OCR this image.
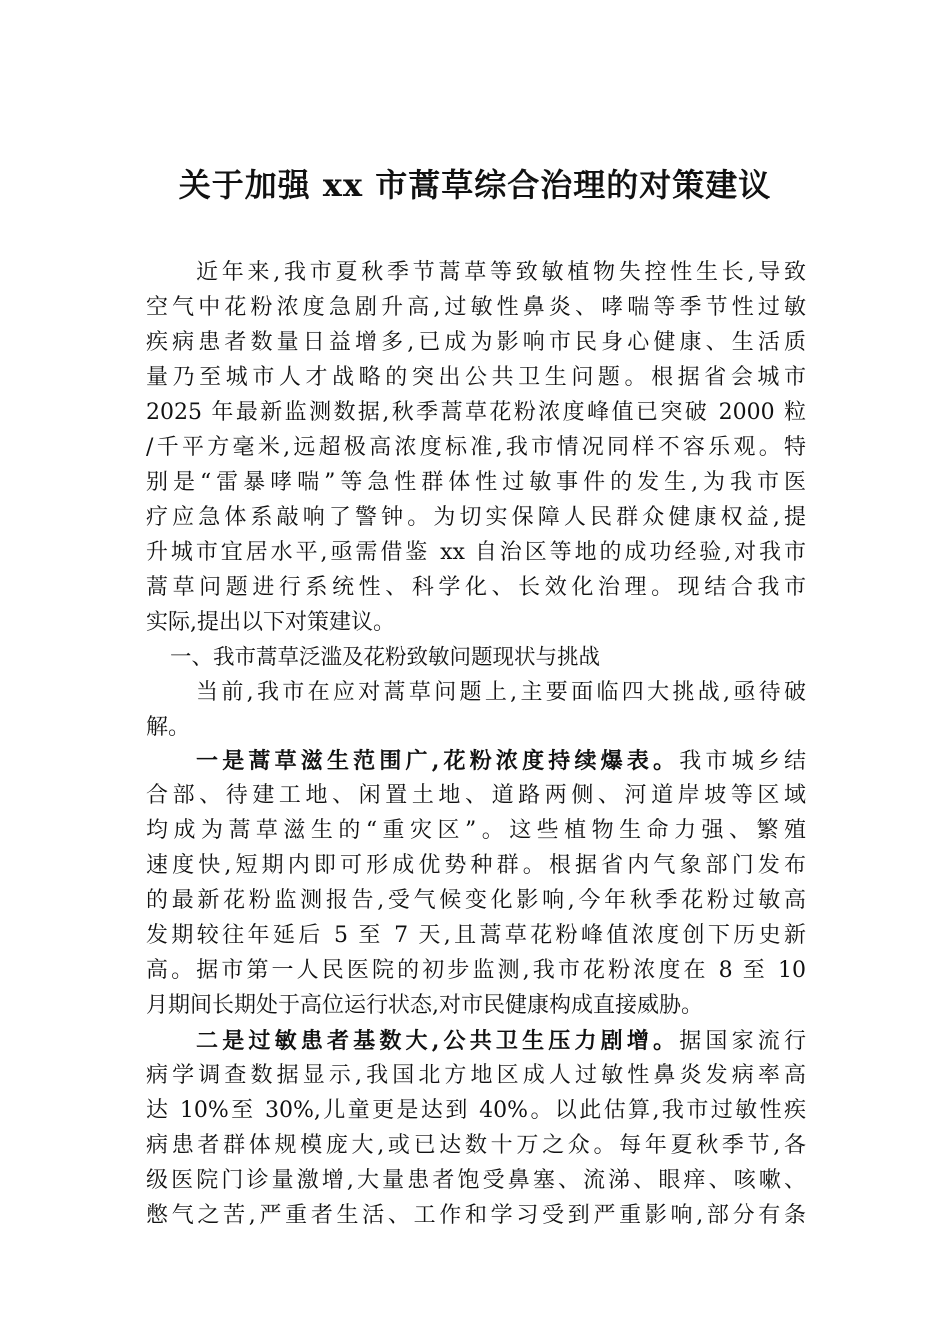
关于加强 xx 市蒿草综合治理的对策建议
近年来,我市夏秋季节蒿草等致敏植物失控性生长,导致
空气中花粉浓度急剧升高,过敏性鼻炎、哮喘等季节性过敏
疾病患者数量日益增多,已成为影响市民身心健康、生活质
量乃至城市人才战略的突出公共卫生问题。根据省会城市
2025 年最新监测数据,秋季蒿草花粉浓度峰值已突破 2000 粒
/千平方毫米,远超极高浓度标准,我市情况同样不容乐观。特
别是“雷暴哮喘”等急性群体性过敏事件的发生,为我市医
疗应急体系敲响了警钟。为切实保障人民群众健康权益,提
升城市宜居水平,亟需借鉴 xx 自治区等地的成功经验,对我市
蒿草问题进行系统性、科学化、长效化治理。现结合我市
实际,提出以下对策建议。
一、我市蒿草泛滥及花粉致敏问题现状与挑战
当前,我市在应对蒿草问题上,主要面临四大挑战,亟待破
解。
一是蒿草滋生范围广,花粉浓度持续爆表。我市城乡结
合部、待建工地、闲置土地、道路两侧、河道岸坡等区域
均成为蒿草滋生的“重灾区”。这些植物生命力强、繁殖
速度快,短期内即可形成优势种群。根据省内气象部门发布
的最新花粉监测报告,受气候变化影响,今年秋季花粉过敏高
发期较往年延后 5 至 7 天,且蒿草花粉峰值浓度创下历史新
高。据市第一人民医院的初步监测,我市花粉浓度在 8 至 10
月期间长期处于高位运行状态,对市民健康构成直接威胁。
二是过敏患者基数大,公共卫生压力剧增。据国家流行
病学调查数据显示,我国北方地区成人过敏性鼻炎发病率高
达 10%至 30%,儿童更是达到 40%。以此估算,我市过敏性疾
病患者群体规模庞大,或已达数十万之众。每年夏秋季节,各
级医院门诊量激增,大量患者饱受鼻塞、流涕、眼痒、咳嗽、
憋气之苦,严重者生活、工作和学习受到严重影响,部分有条
